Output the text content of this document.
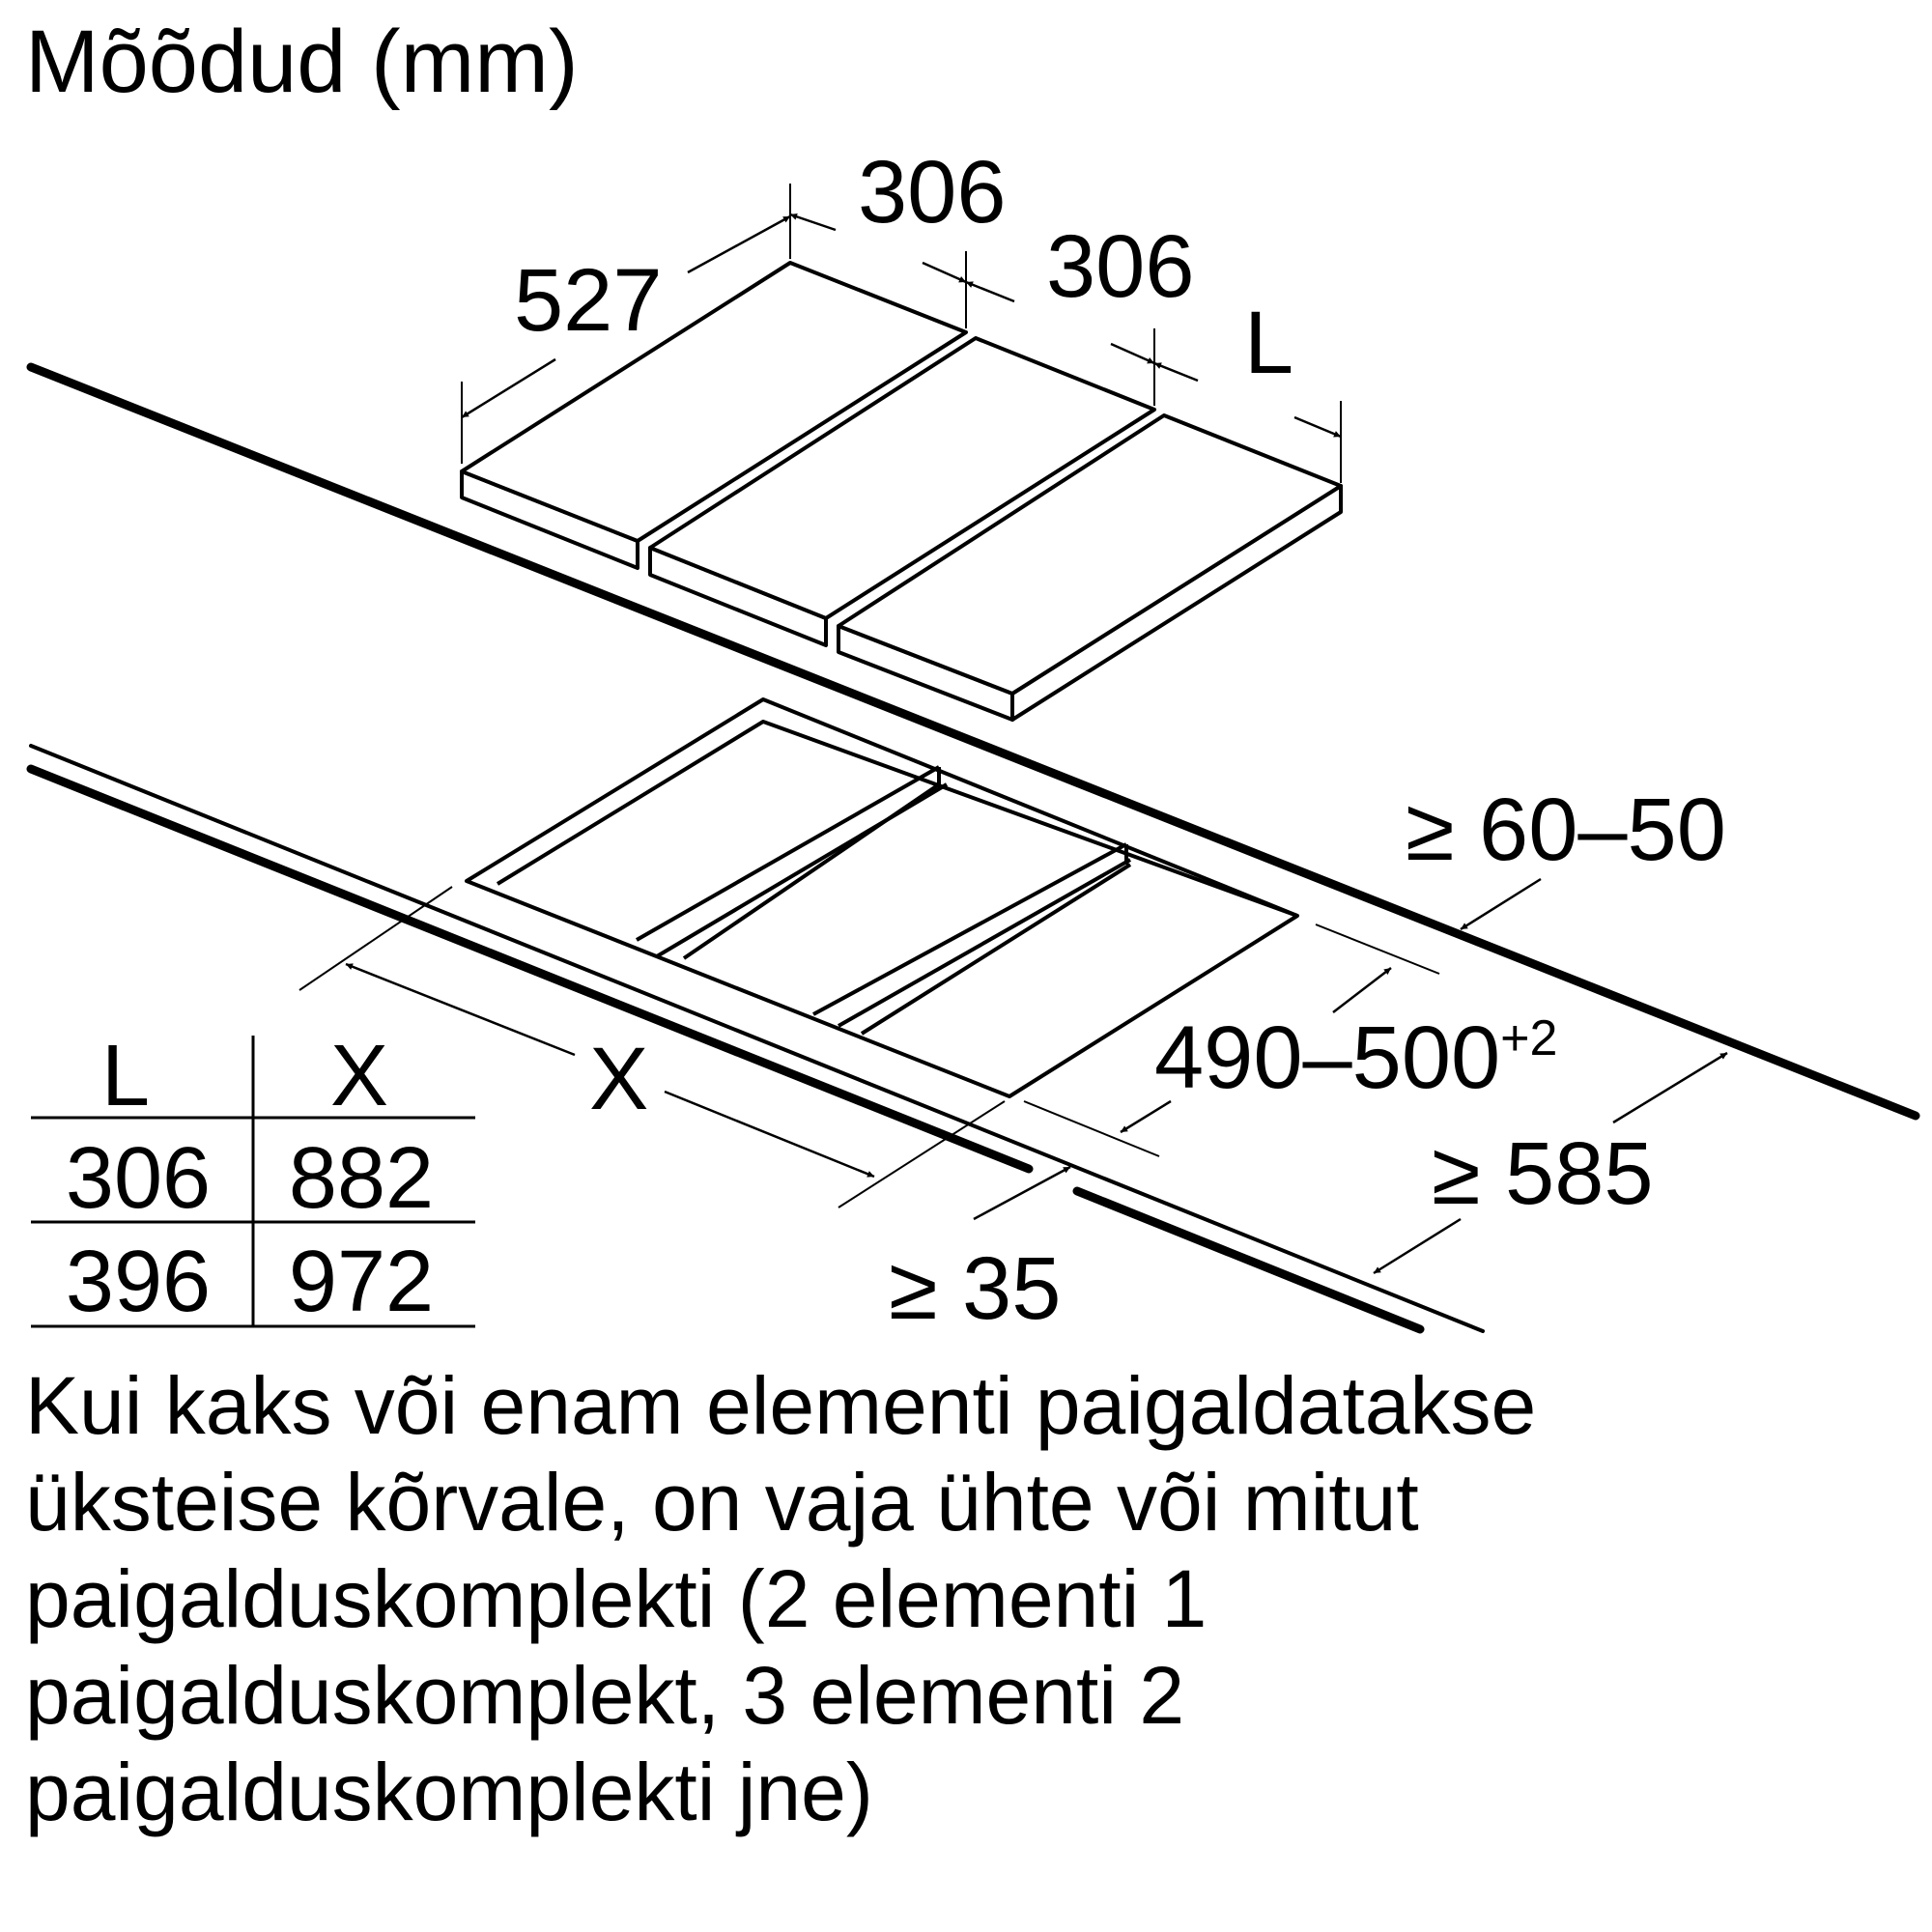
Mõõdud (mm)
306
306
L
527
X	$490-500^{+2}$
≥ 60–50
≥ 585
≥ 35
L X
306 882
396 972

Kui kaks või enam elementi paigaldatakse
üksteise kõrvale, on vaja ühte või mitut
paigalduskomplekti (2 elementi 1
paigalduskomplekt, 3 elementi 2
paigalduskomplekti jne)
